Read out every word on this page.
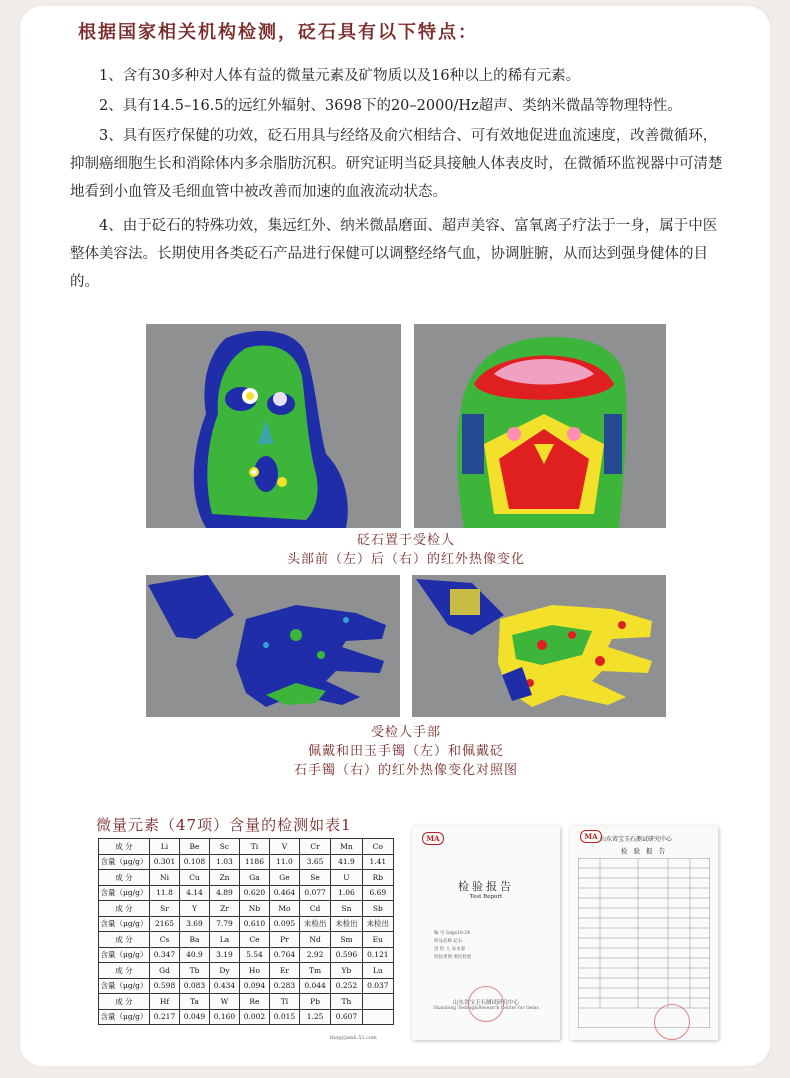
根据国家相关机构检测，砭石具有以下特点：

1、含有30多种对人体有益的微量元素及矿物质以及16种以上的稀有元素。

2、具有14.5–16.5的远红外辐射、3698下的20–2000/Hz超声、类纳米微晶等物理特性。

3、具有医疗保健的功效，砭石用具与经络及俞穴相结合、可有效地促进血流速度，改善微循环，抑制癌细胞生长和消除体内多余脂肪沉积。研究证明当砭具接触人体表皮时，在微循环监视器中可清楚地看到小血管及毛细血管中被改善而加速的血液流动状态。

4、由于砭石的特殊功效，集远红外、纳米微晶磨面、超声美容、富氧离子疗法于一身，属于中医整体美容法。长期使用各类砭石产品进行保健可以调整经络气血，协调脏腑，从而达到强身健体的目的。

砭石置于受检人
头部前（左）后（右）的红外热像变化
受检人手部
佩戴和田玉手镯（左）和佩戴砭
石手镯（右）的红外热像变化对照图
微量元素（47项）含量的检测如表1
成 分	Li	Be	Sc	Ti	V	Cr	Mn	Co
含量（μg/g）	0.301	0.108	1.03	1186	11.0	3.65	41.9	1.41
成 分	Ni	Cu	Zn	Ga	Ge	Se	U	Rb
含量（μg/g）	11.8	4.14	4.89	0.620	0.464	0.077	1.06	6.69
成 分	Sr	Y	Zr	Nb	Mo	Cd	Sn	Sb
含量（μg/g）	2165	3.69	7.79	0.610	0.095	未检出	未检出	未检出
成 分	Cs	Ba	La	Ce	Pr	Nd	Sm	Eu
含量（μg/g）	0.347	40.9	3.19	5.54	0.764	2.92	0.596	0.121
成 分	Gd	Tb	Dy	Ho	Er	Tm	Yb	Lu
含量（μg/g）	0.598	0.083	0.434	0.094	0.283	0.044	0.252	0.037
成 分	Hf	Ta	W	Re	Tl	Pb	Th	
含量（μg/g）	0.217	0.049	0.160	0.002	0.015	1.25	0.607	
thepyjamh.51.com
MA
检验报告
Test Report
编 号 Sdgs10-24
样品名称 砭石
送 检 人 朱永春
检验类别 委托检验
山东省宝玉石测试研究中心
Shandong Testing&Research Center for Gems
MA 山东省宝玉石测试研究中心
检 验 报 告
